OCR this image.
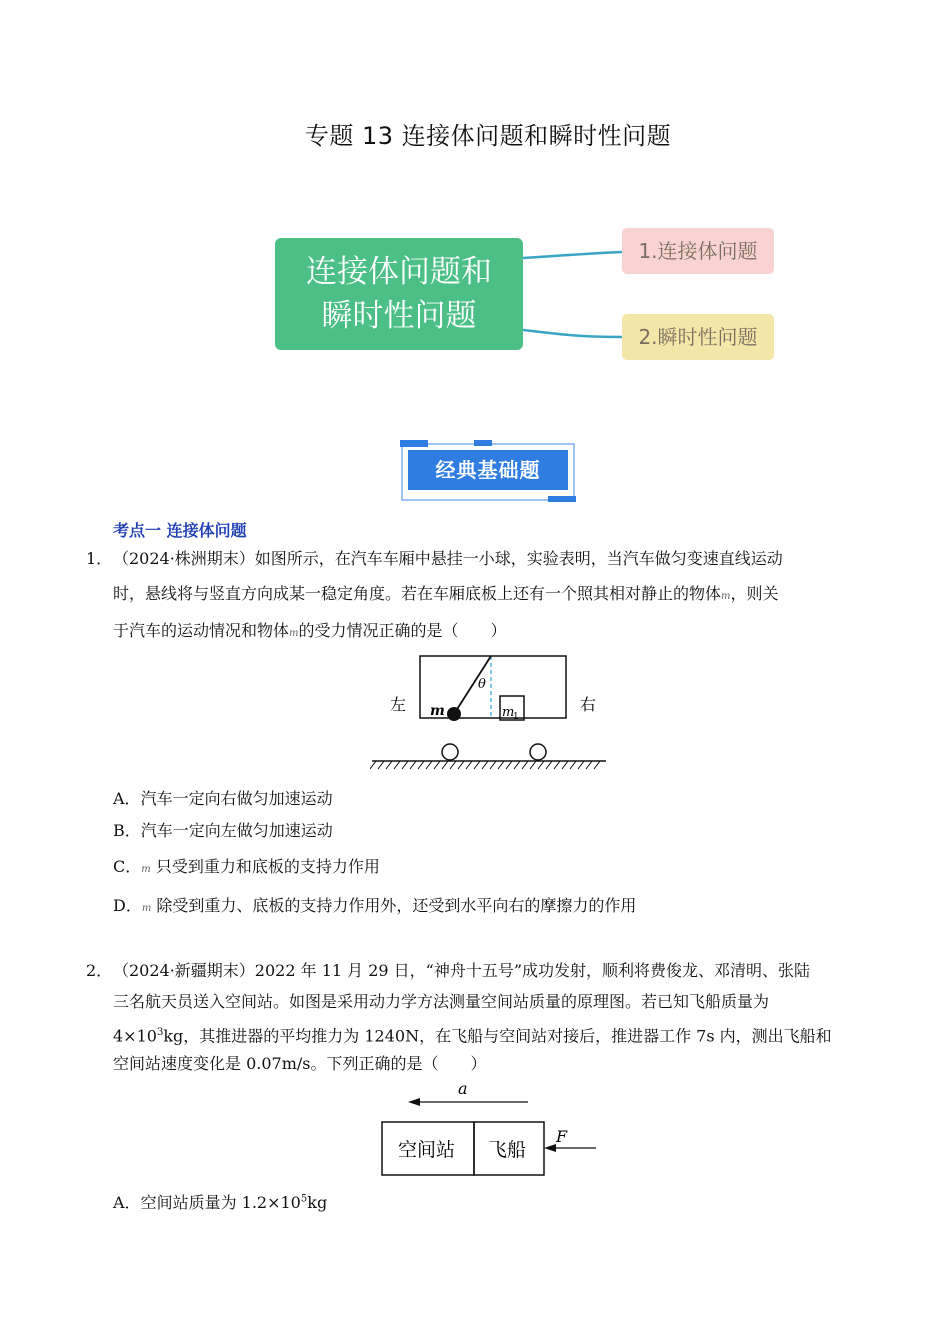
专题 13 连接体问题和瞬时性问题
连接体问题和
瞬时性问题
1.连接体问题
2.瞬时性问题
经典基础题
考点一 连接体问题
1． （2024·株洲期末）如图所示，在汽车车厢中悬挂一小球，实验表明，当汽车做匀变速直线运动
时，悬线将与竖直方向成某一稳定角度。若在车厢底板上还有一个照其相对静止的物体m，则关
于汽车的运动情况和物体m的受力情况正确的是（　　）
左	右
m
θ
m
1
A．汽车一定向右做匀加速运动
B．汽车一定向左做匀加速运动
C．m 只受到重力和底板的支持力作用
D．m 除受到重力、底板的支持力作用外，还受到水平向右的摩擦力的作用
2． （2024·新疆期末）2022 年 11 月 29 日，“神舟十五号”成功发射，顺利将费俊龙、邓清明、张陆
三名航天员送入空间站。如图是采用动力学方法测量空间站质量的原理图。若已知飞船质量为
$4\times 10^3kg$，其推进器的平均推力为 1240N，在飞船与空间站对接后，推进器工作 7s 内，测出飞船和
空间站速度变化是 0.07m/s。下列正确的是（　　）
a
空间站 飞船
F
A．空间站质量为 $1.2\times 10^5kg$
